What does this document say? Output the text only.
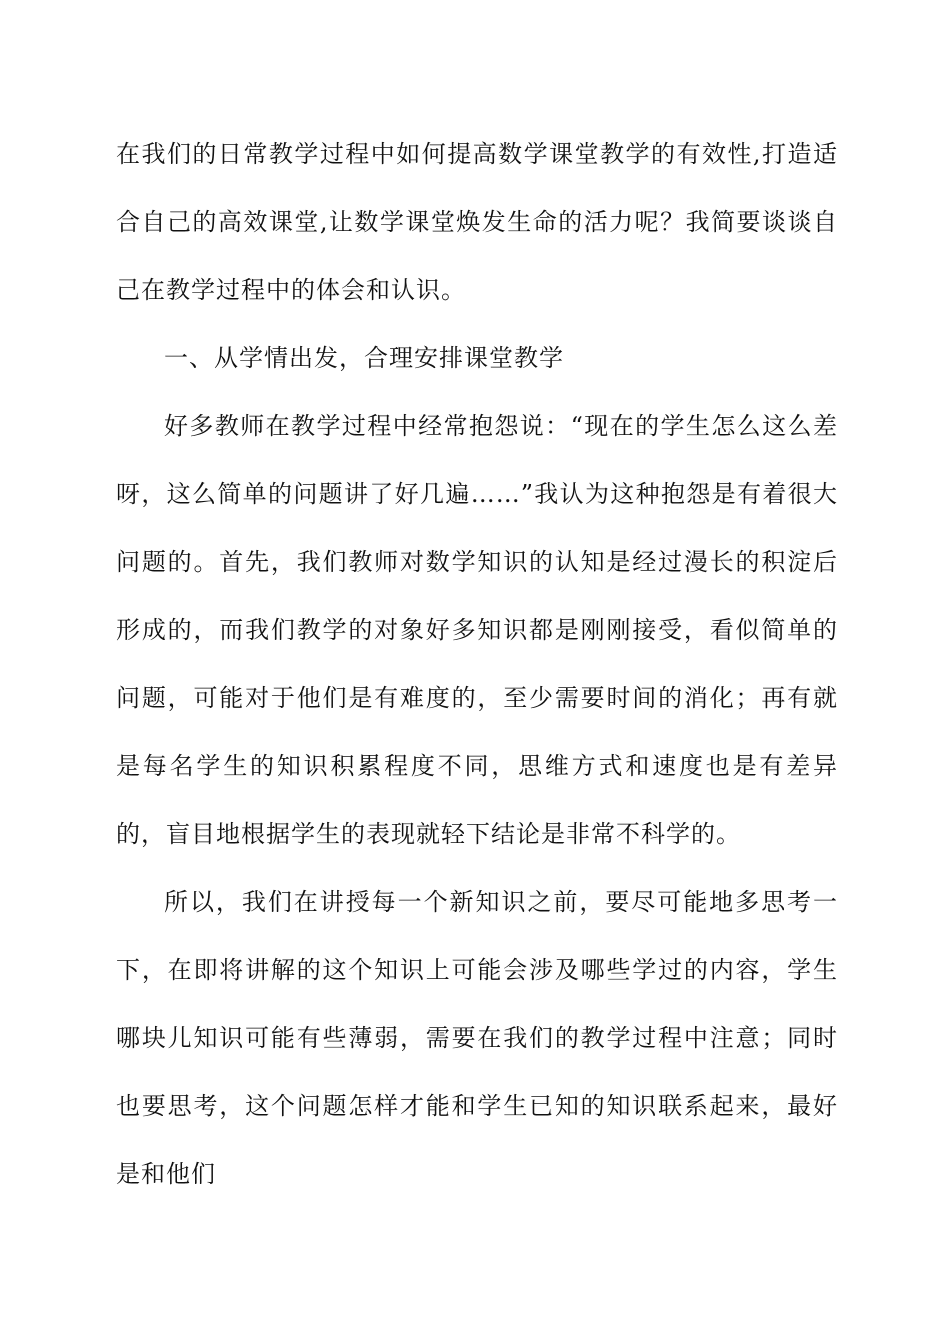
在我们的日常教学过程中如何提高数学课堂教学的有效性,打造适合自己的高效课堂,让数学课堂焕发生命的活力呢？我简要谈谈自己在教学过程中的体会和认识。

一、从学情出发，合理安排课堂教学

好多教师在教学过程中经常抱怨说：“现在的学生怎么这么差呀，这么简单的问题讲了好几遍……”我认为这种抱怨是有着很大问题的。首先，我们教师对数学知识的认知是经过漫长的积淀后形成的，而我们教学的对象好多知识都是刚刚接受，看似简单的问题，可能对于他们是有难度的，至少需要时间的消化；再有就是每名学生的知识积累程度不同，思维方式和速度也是有差异的，盲目地根据学生的表现就轻下结论是非常不科学的。

所以，我们在讲授每一个新知识之前，要尽可能地多思考一下，在即将讲解的这个知识上可能会涉及哪些学过的内容，学生哪块儿知识可能有些薄弱，需要在我们的教学过程中注意；同时也要思考，这个问题怎样才能和学生已知的知识联系起来，最好是和他们
